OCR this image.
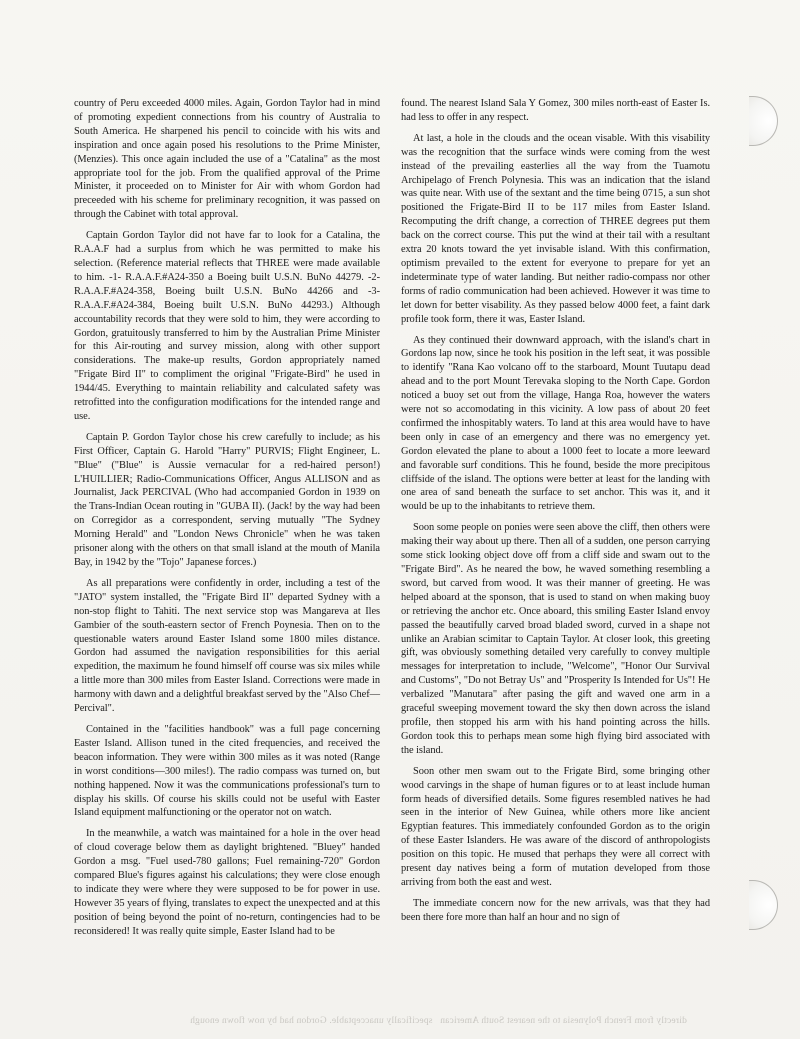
country of Peru exceeded 4000 miles. Again, Gordon Taylor had in mind of promoting expedient connections from his country of Australia to South America. He sharpened his pencil to coincide with his wits and inspiration and once again posed his resolutions to the Prime Minister, (Menzies). This once again included the use of a "Catalina" as the most appropriate tool for the job. From the qualified approval of the Prime Minister, it proceeded on to Minister for Air with whom Gordon had preceeded with his scheme for preliminary recognition, it was passed on through the Cabinet with total approval.

Captain Gordon Taylor did not have far to look for a Catalina, the R.A.A.F had a surplus from which he was permitted to make his selection. (Reference material reflects that THREE were made available to him. -1- R.A.A.F.#A24-350 a Boeing built U.S.N. BuNo 44279. -2- R.A.A.F.#A24-358, Boeing built U.S.N. BuNo 44266 and -3- R.A.A.F.#A24-384, Boeing built U.S.N. BuNo 44293.) Although accountability records that they were sold to him, they were according to Gordon, gratuitously transferred to him by the Australian Prime Minister for this Air-routing and survey mission, along with other support considerations. The make-up results, Gordon appropriately named "Frigate Bird II" to compliment the original "Frigate-Bird" he used in 1944/45. Everything to maintain reliability and calculated safety was retrofitted into the configuration modifications for the intended range and use.

Captain P. Gordon Taylor chose his crew carefully to include; as his First Officer, Captain G. Harold "Harry" PURVIS; Flight Engineer, L. "Blue" ("Blue" is Aussie vernacular for a red-haired person!) L'HUILLIER; Radio-Communications Officer, Angus ALLISON and as Journalist, Jack PERCIVAL (Who had accompanied Gordon in 1939 on the Trans-Indian Ocean routing in "GUBA II). (Jack! by the way had been on Corregidor as a correspondent, serving mutually "The Sydney Morning Herald" and "London News Chronicle" when he was taken prisoner along with the others on that small island at the mouth of Manila Bay, in 1942 by the "Tojo" Japanese forces.)

As all preparations were confidently in order, including a test of the "JATO" system installed, the "Frigate Bird II" departed Sydney with a non-stop flight to Tahiti. The next service stop was Mangareva at Iles Gambier of the south-eastern sector of French Poynesia. Then on to the questionable waters around Easter Island some 1800 miles distance. Gordon had assumed the navigation responsibilities for this aerial expedition, the maximum he found himself off course was six miles while a little more than 300 miles from Easter Island. Corrections were made in harmony with dawn and a delightful breakfast served by the "Also Chef—Percival".

Contained in the "facilities handbook" was a full page concerning Easter Island. Allison tuned in the cited frequencies, and received the beacon information. They were within 300 miles as it was noted (Range in worst conditions—300 miles!). The radio compass was turned on, but nothing happened. Now it was the communications professional's turn to display his skills. Of course his skills could not be useful with Easter Island equipment malfunctioning or the operator not on watch.

In the meanwhile, a watch was maintained for a hole in the over head of cloud coverage below them as daylight brightened. "Bluey" handed Gordon a msg. "Fuel used-780 gallons; Fuel remaining-720" Gordon compared Blue's figures against his calculations; they were close enough to indicate they were where they were supposed to be for power in use. However 35 years of flying, translates to expect the unexpected and at this position of being beyond the point of no-return, contingencies had to be reconsidered! It was really quite simple, Easter Island had to be

found. The nearest Island Sala Y Gomez, 300 miles north-east of Easter Is. had less to offer in any respect.

At last, a hole in the clouds and the ocean visable. With this visability was the recognition that the surface winds were coming from the west instead of the prevailing easterlies all the way from the Tuamotu Archipelago of French Polynesia. This was an indication that the island was quite near. With use of the sextant and the time being 0715, a sun shot positioned the Frigate-Bird II to be 117 miles from Easter Island. Recomputing the drift change, a correction of THREE degrees put them back on the correct course. This put the wind at their tail with a resultant extra 20 knots toward the yet invisable island. With this confirmation, optimism prevailed to the extent for everyone to prepare for yet an indeterminate type of water landing. But neither radio-compass nor other forms of radio communication had been achieved. However it was time to let down for better visability. As they passed below 4000 feet, a faint dark profile took form, there it was, Easter Island.

As they continued their downward approach, with the island's chart in Gordons lap now, since he took his position in the left seat, it was possible to identify "Rana Kao volcano off to the starboard, Mount Tuutapu dead ahead and to the port Mount Terevaka sloping to the North Cape. Gordon noticed a buoy set out from the village, Hanga Roa, however the waters were not so accomodating in this vicinity. A low pass of about 20 feet confirmed the inhospitably waters. To land at this area would have to have been only in case of an emergency and there was no emergency yet. Gordon elevated the plane to about a 1000 feet to locate a more leeward and favorable surf conditions. This he found, beside the more precipitous cliffside of the island. The options were better at least for the landing with one area of sand beneath the surface to set anchor. This was it, and it would be up to the inhabitants to retrieve them.

Soon some people on ponies were seen above the cliff, then others were making their way about up there. Then all of a sudden, one person carrying some stick looking object dove off from a cliff side and swam out to the "Frigate Bird". As he neared the bow, he waved something resembling a sword, but carved from wood. It was their manner of greeting. He was helped aboard at the sponson, that is used to stand on when making buoy or retrieving the anchor etc. Once aboard, this smiling Easter Island envoy passed the beautifully carved broad bladed sword, curved in a shape not unlike an Arabian scimitar to Captain Taylor. At closer look, this greeting gift, was obviously something detailed very carefully to convey multiple messages for interpretation to include, "Welcome", "Honor Our Survival and Customs", "Do not Betray Us" and "Prosperity Is Intended for Us"! He verbalized "Manutara" after pasing the gift and waved one arm in a graceful sweeping movement toward the sky then down across the island profile, then stopped his arm with his hand pointing across the hills. Gordon took this to perhaps mean some high flying bird associated with the island.

Soon other men swam out to the Frigate Bird, some bringing other wood carvings in the shape of human figures or to at least include human form heads of diversified details. Some figures resembled natives he had seen in the interior of New Guinea, while others more like ancient Egyptian features. This immediately confounded Gordon as to the origin of these Easter Islanders. He was aware of the discord of anthropologists position on this topic. He mused that perhaps they were all correct with present day natives being a form of mutation developed from those arriving from both the east and west.

The immediate concern now for the new arrivals, was that they had been there fore more than half an hour and no sign of

specifically unacceptable. Gordon had by now flown enough directly from French Polynesia to the nearest South American
